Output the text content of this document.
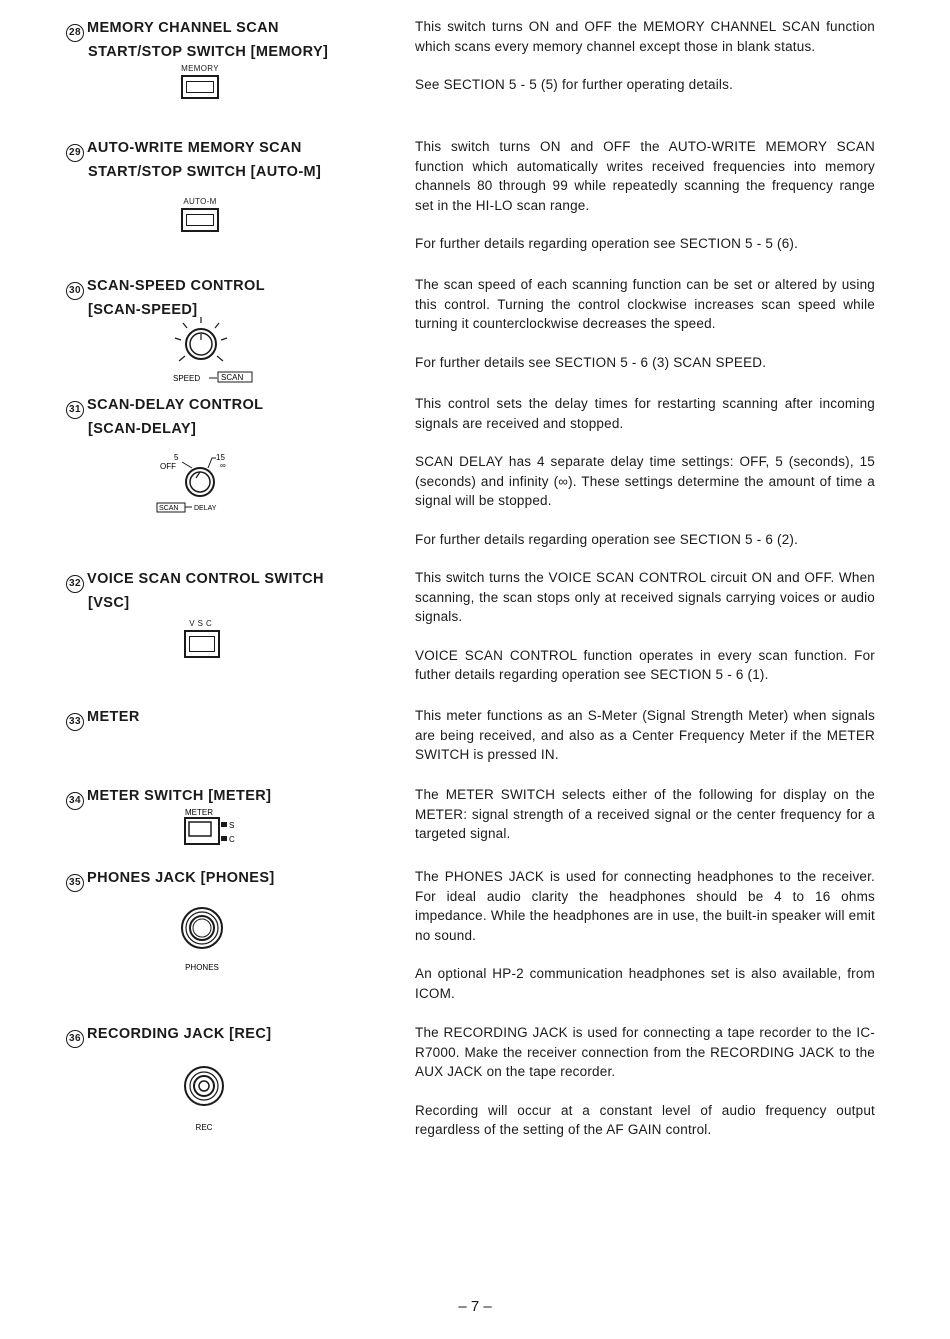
28 MEMORY CHANNEL SCAN
START/STOP SWITCH [MEMORY]
MEMORY

This switch turns ON and OFF the MEMORY CHANNEL SCAN function which scans every memory channel except those in blank status.

See SECTION 5 - 5 (5) for further operating details.

29 AUTO-WRITE MEMORY SCAN
START/STOP SWITCH [AUTO-M]
AUTO-M

This switch turns ON and OFF the AUTO-WRITE MEMORY SCAN function which automatically writes received frequencies into memory channels 80 through 99 while repeatedly scanning the frequency range set in the HI-LO scan range.

For further details regarding operation see SECTION 5 - 5 (6).

30 SCAN-SPEED CONTROL
[SCAN-SPEED]
SPEED	SCAN

The scan speed of each scanning function can be set or altered by using this control. Turning the control clockwise increases scan speed while turning it counterclockwise decreases the speed.

For further details see SECTION 5 - 6 (3) SCAN SPEED.

31 SCAN-DELAY CONTROL
[SCAN-DELAY]
OFF
5	15
∞
SCAN DELAY

This control sets the delay times for restarting scanning after incoming signals are received and stopped.

SCAN DELAY has 4 separate delay time settings: OFF, 5 (seconds), 15 (seconds) and infinity (∞). These settings determine the amount of time a signal will be stopped.

For further details regarding operation see SECTION 5 - 6 (2).

32 VOICE SCAN CONTROL SWITCH
[VSC]
VSC

This switch turns the VOICE SCAN CONTROL circuit ON and OFF. When scanning, the scan stops only at received signals carrying voices or audio signals.

VOICE SCAN CONTROL function operates in every scan function. For futher details regarding operation see SECTION 5 - 6 (1).

33 METER	This meter functions as an S-Meter (Signal Strength Meter) when signals are being received, and also as a Center Frequency Meter if the METER SWITCH is pressed IN.

34 METER SWITCH [METER]
METER
S
C

The METER SWITCH selects either of the following for display on the METER: signal strength of a received signal or the center frequency for a targeted signal.

35 PHONES JACK [PHONES]
PHONES

The PHONES JACK is used for connecting headphones to the receiver. For ideal audio clarity the headphones should be 4 to 16 ohms impedance. While the headphones are in use, the built-in speaker will emit no sound.

An optional HP-2 communication headphones set is also available, from ICOM.

36 RECORDING JACK [REC]
REC

The RECORDING JACK is used for connecting a tape recorder to the IC-R7000. Make the receiver connection from the RECORDING JACK to the AUX JACK on the tape recorder.

Recording will occur at a constant level of audio frequency output regardless of the setting of the AF GAIN control.

– 7 –
